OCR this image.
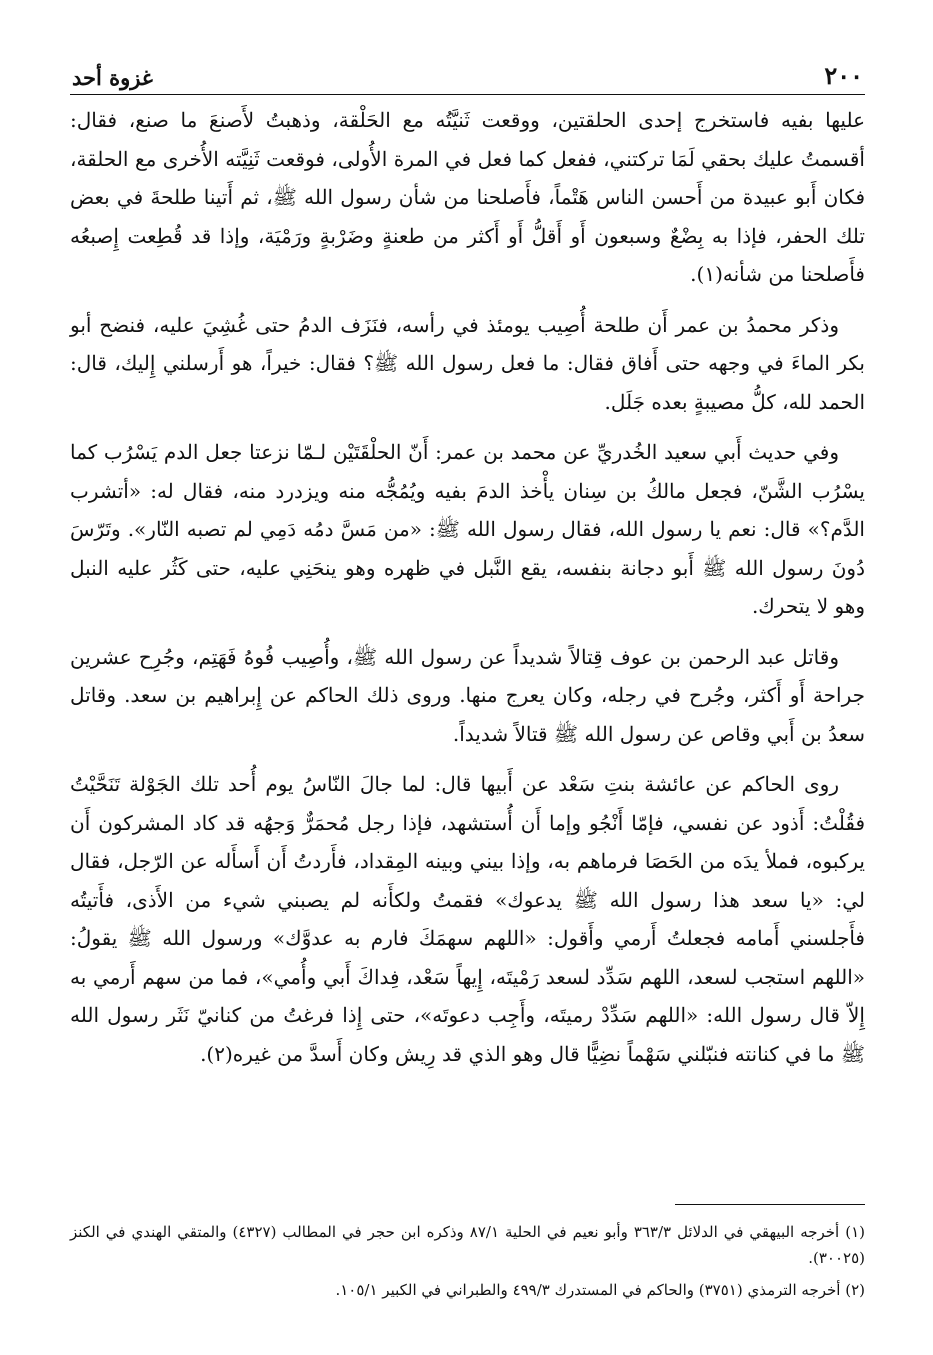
٢٠٠
غزوة أحد

عليها بفيه فاستخرج إحدى الحلقتين، ووقعت ثَنيَّتُه مع الحَلْقة، وذهبتُ لأَصنعَ ما صنع، فقال: أقسمتُ عليك بحقي لَمَا تركتني، ففعل كما فعل في المرة الأُولى، فوقعت ثَنِيَّته الأُخرى مع الحلقة، فكان أَبو عبيدة من أَحسن الناس هَتْماً، فأَصلحنا من شأن رسول الله ﷺ، ثم أَتينا طلحةَ في بعض تلك الحفر، فإذا به بِضْعٌ وسبعون أَو أَقلُّ أَو أَكثر من طعنةٍ وضَرْبةٍ ورَمْيَة، وإذا قد قُطِعت إِصبعُه فأَصلحنا من شأنه(١).

وذكر محمدُ بن عمر أَن طلحة أُصِيب يومئذ في رأسه، فنَزَف الدمُ حتى غُشِيَ عليه، فنضح أبو بكر الماءَ في وجهه حتى أَفاق فقال: ما فعل رسول الله ﷺ؟ فقال: خيراً، هو أَرسلني إِليك، قال: الحمد لله، كلُّ مصيبةٍ بعده جَلَل.

وفي حديث أَبي سعيد الخُدريِّ عن محمد بن عمر: أَنّ الحلْقَتَيْن لـمّا نزعتا جعل الدم يَسْرُب كما يسْرُب الشَّنّ، فجعل مالكُ بن سِنان يأْخذ الدمَ بفيه ويُمُجُّه منه ويزدرد منه، فقال له: «أتشرب الدَّم؟» قال: نعم يا رسول الله، فقال رسول الله ﷺ: «من مَسَّ دمُه دَمِي لم تصبه النّار». وتَرّسَ دُونَ رسول الله ﷺ أَبو دجانة بنفسه، يقع النَّبل في ظهره وهو ينحَنِي عليه، حتى كَثُر عليه النبل وهو لا يتحرك.

وقاتل عبد الرحمن بن عوف قِتالاً شديداً عن رسول الله ﷺ، وأُصِيب فُوهُ فَهَتِم، وجُرِح عشرين جراحة أَو أَكثر، وجُرح في رجله، وكان يعرج منها. وروى ذلك الحاكم عن إِبراهيم بن سعد. وقاتل سعدُ بن أَبي وقاص عن رسول الله ﷺ قتالاً شديداً.

روى الحاكم عن عائشة بنتِ سَعْد عن أَبيها قال: لما جالَ النّاسُ يوم أُحد تلك الجَوْلة تَنَحَّيْتُ فقُلْتُ: أَذود عن نفسي، فإمّا أَنْجُو وإما أَن أُستشهد، فإذا رجل مُحمَرٌّ وَجهُه قد كاد المشركون أَن يركبوه، فملأ يدَه من الحَصَا فرماهم به، وإذا بيني وبينه المِقداد، فأَردتُ أَن أَسأَله عن الرّجل، فقال لي: «يا سعد هذا رسول الله ﷺ يدعوك» فقمتُ ولكأَنه لم يصبني شيء من الأَذى، فأَتيتُه فأَجلسني أَمامه فجعلتُ أَرمي وأَقول: «اللهم سهمَكَ فارم به عدوَّك» ورسول الله ﷺ يقولُ: «اللهم استجب لسعد، اللهم سَدِّد لسعد رَمْيتَه، إِيهاً سَعْد، فِداكَ أَبي وأُمي»، فما من سهم أَرمي به إِلاّ قال رسول الله: «اللهم سَدِّدْ رميتَه، وأَجِب دعوتَه»، حتى إِذا فرغتُ من كنانيّ نَثَر رسول الله ﷺ ما في كنانته فنبّلني سَهْماً نضِيًّا قال وهو الذي قد رِيش وكان أَسدَّ من غيره(٢).

(١) أخرجه البيهقي في الدلائل ٣٦٣/٣ وأبو نعيم في الحلية ٨٧/١ وذكره ابن حجر في المطالب (٤٣٢٧) والمتقي الهندي في الكنز (٣٠٠٢٥).

(٢) أخرجه الترمذي (٣٧٥١) والحاكم في المستدرك ٤٩٩/٣ والطبراني في الكبير ١٠٥/١.
